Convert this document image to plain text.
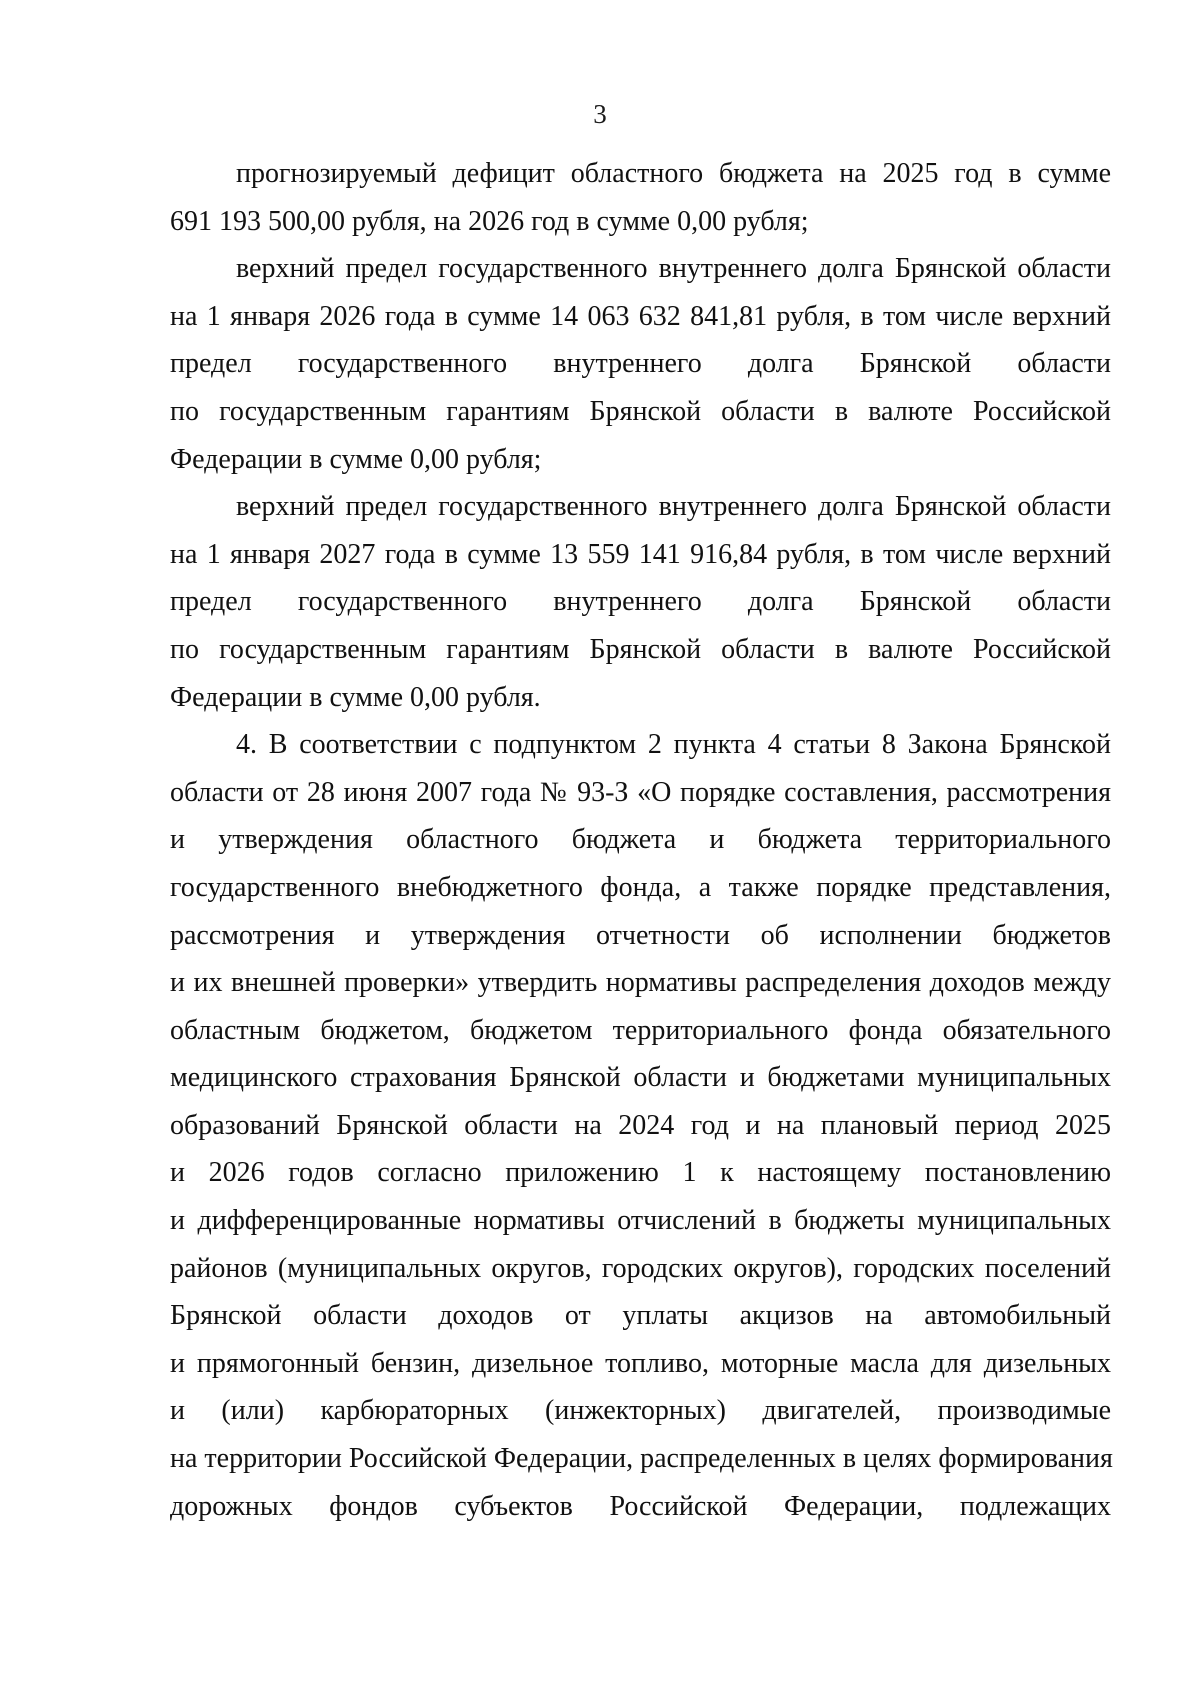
3
прогнозируемый дефицит областного бюджета на 2025 год в сумме
691 193 500,00 рубля, на 2026 год в сумме 0,00 рубля;
верхний предел государственного внутреннего долга Брянской области
на 1 января 2026 года в сумме 14 063 632 841,81 рубля, в том числе верхний
предел государственного внутреннего долга Брянской области
по государственным гарантиям Брянской области в валюте Российской
Федерации в сумме 0,00 рубля;
верхний предел государственного внутреннего долга Брянской области
на 1 января 2027 года в сумме 13 559 141 916,84 рубля, в том числе верхний
предел государственного внутреннего долга Брянской области
по государственным гарантиям Брянской области в валюте Российской
Федерации в сумме 0,00 рубля.
4. В соответствии с подпунктом 2 пункта 4 статьи 8 Закона Брянской
области от 28 июня 2007 года № 93-З «О порядке составления, рассмотрения
и утверждения областного бюджета и бюджета территориального
государственного внебюджетного фонда, а также порядке представления,
рассмотрения и утверждения отчетности об исполнении бюджетов
и их внешней проверки» утвердить нормативы распределения доходов между
областным бюджетом, бюджетом территориального фонда обязательного
медицинского страхования Брянской области и бюджетами муниципальных
образований Брянской области на 2024 год и на плановый период 2025
и 2026 годов согласно приложению 1 к настоящему постановлению
и дифференцированные нормативы отчислений в бюджеты муниципальных
районов (муниципальных округов, городских округов), городских поселений
Брянской области доходов от уплаты акцизов на автомобильный
и прямогонный бензин, дизельное топливо, моторные масла для дизельных
и (или) карбюраторных (инжекторных) двигателей, производимые
на территории Российской Федерации, распределенных в целях формирования
дорожных фондов субъектов Российской Федерации, подлежащих
